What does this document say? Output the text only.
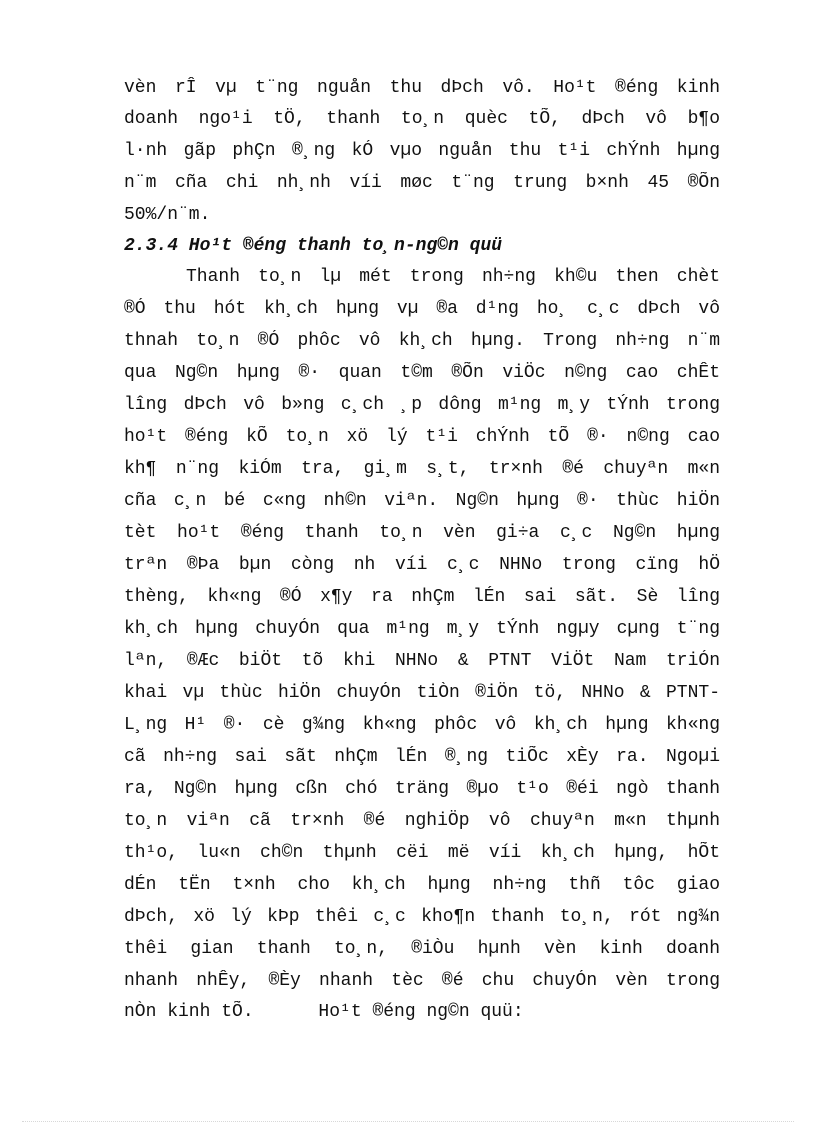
vèn rÎ vµ t¨ng nguån thu dÞch vô. Ho¹t ®éng kinh
doanh ngo¹i tÖ, thanh to¸n quèc tÕ, dÞch vô b¶o
l·nh gãp phÇn ®¸ng kÓ vµo nguån thu t¹i chÝnh hµng
n¨m cña chi nh¸nh víi møc t¨ng trung b×nh 45 ®Õn
50%/n¨m.
2.3.4 Ho¹t ®éng thanh to¸n-ng©n quü
Thanh to¸n lµ mét trong nh÷ng kh©u then chèt
®Ó thu hót kh¸ch hµng vµ ®a d¹ng ho¸ c¸c dÞch vô
thnah to¸n ®Ó phôc vô kh¸ch hµng. Trong nh÷ng n¨m
qua Ng©n hµng ®· quan t©m ®Õn viÖc n©ng cao chÊt
lîng dÞch vô b»ng c¸ch ¸p dông m¹ng m¸y tÝnh trong
ho¹t ®éng kÕ to¸n xö lý t¹i chÝnh tÕ ®· n©ng cao
kh¶ n¨ng kiÓm tra, gi¸m s¸t, tr×nh ®é chuyªn m«n
cña c¸n bé c«ng nh©n viªn. Ng©n hµng ®· thùc hiÖn
tèt ho¹t ®éng thanh to¸n vèn gi÷a c¸c Ng©n hµng
trªn ®Þa bµn còng nh víi c¸c NHNo trong cïng hÖ
thèng, kh«ng ®Ó x¶y ra nhÇm lÉn sai sãt. Sè lîng
kh¸ch hµng chuyÓn qua m¹ng m¸y tÝnh ngµy cµng t¨ng
lªn, ®Æc biÖt tõ khi NHNo & PTNT ViÖt Nam triÓn
khai vµ thùc hiÖn chuyÓn tiÒn ®iÖn tö, NHNo & PTNT-
L¸ng H¹ ®· cè g¾ng kh«ng phôc vô kh¸ch hµng kh«ng
cã nh÷ng sai sãt nhÇm lÉn ®¸ng tiÕc xÈy ra. Ngoµi
ra, Ng©n hµng cßn chó träng ®µo t¹o ®éi ngò thanh
to¸n viªn cã tr×nh ®é nghiÖp vô chuyªn m«n thµnh
th¹o, lu«n ch©n thµnh cëi më víi kh¸ch hµng, hÕt
dÉn tËn t×nh cho kh¸ch hµng nh÷ng thñ tôc giao
dÞch, xö lý kÞp thêi c¸c kho¶n thanh to¸n, rót ng¾n
thêi gian thanh to¸n, ®iÒu hµnh vèn kinh doanh
nhanh nhÊy, ®Èy nhanh tèc ®é chu chuyÓn vèn trong
nÒn kinh tÕ.      Ho¹t ®éng ng©n quü:
